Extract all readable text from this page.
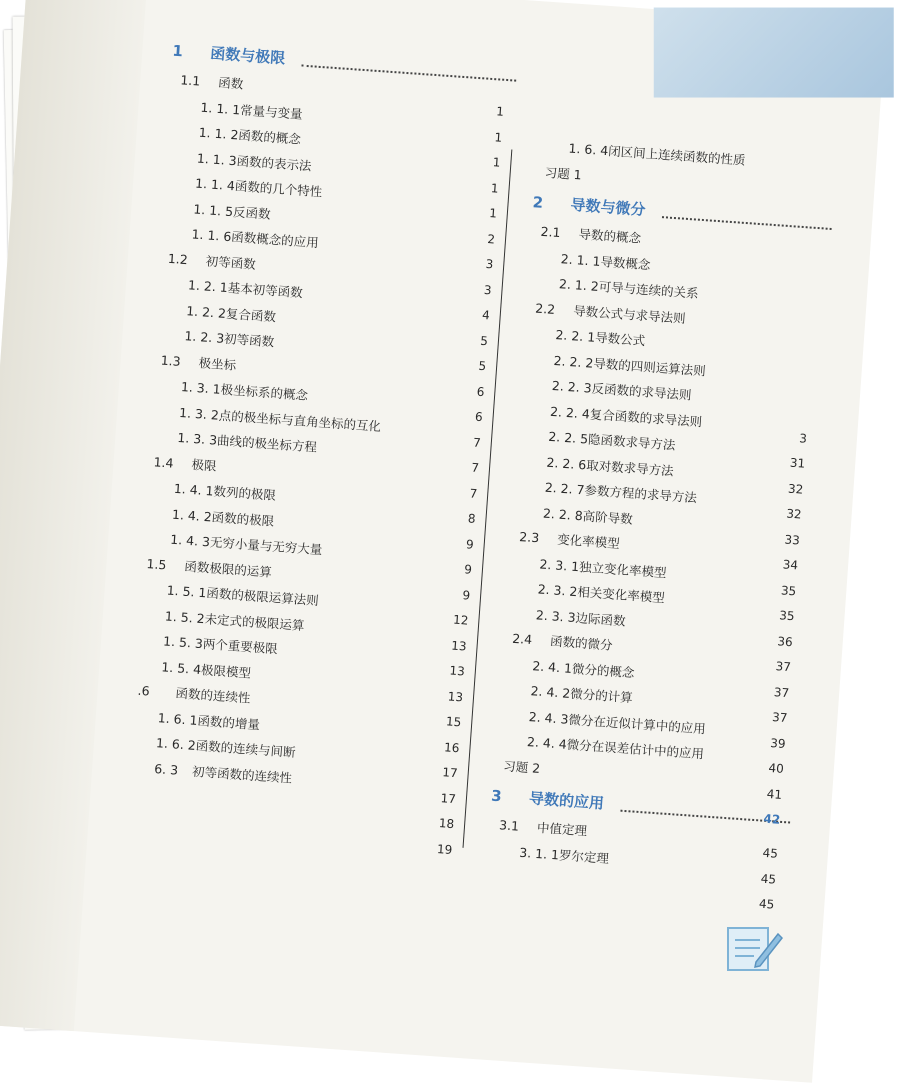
1 函数与极限
1.1 函数
1
1. 1. 1常量与变量
1
1. 1. 2函数的概念
1
1. 1. 3函数的表示法
1
1. 1. 4函数的几个特性
1
1. 1. 5反函数
2
1. 1. 6函数概念的应用
3
1.2 初等函数
3
1. 2. 1基本初等函数
4
1. 2. 2复合函数
5
1. 2. 3初等函数
5
1.3 极坐标
6
1. 3. 1极坐标系的概念
6
1. 3. 2点的极坐标与直角坐标的互化
7
1. 3. 3曲线的极坐标方程
7
1.4 极限
7
1. 4. 1数列的极限
8
1. 4. 2函数的极限
9
1. 4. 3无穷小量与无穷大量
9
1.5 函数极限的运算
9
1. 5. 1函数的极限运算法则
12
1. 5. 2未定式的极限运算
13
1. 5. 3两个重要极限
13
1. 5. 4极限模型
13
.6 函数的连续性
15
1. 6. 1函数的增量
16
1. 6. 2函数的连续与间断
17
6. 3 初等函数的连续性
17
18
19
1. 6. 4闭区间上连续函数的性质
习题 1
2 导数与微分
2.1 导数的概念
2. 1. 1导数概念
2. 1. 2可导与连续的关系
2.2 导数公式与求导法则
2. 2. 1导数公式
2. 2. 2导数的四则运算法则
2. 2. 3反函数的求导法则
2. 2. 4复合函数的求导法则
3
2. 2. 5隐函数求导方法
31
2. 2. 6取对数求导方法
32
2. 2. 7参数方程的求导方法
32
2. 2. 8高阶导数
33
2.3 变化率模型
34
2. 3. 1独立变化率模型
35
2. 3. 2相关变化率模型
35
2. 3. 3边际函数
36
2.4 函数的微分
37
2. 4. 1微分的概念
37
2. 4. 2微分的计算
37
2. 4. 3微分在近似计算中的应用
39
2. 4. 4微分在误差估计中的应用
40
习题 2
41
3 导数的应用
42
3.1 中值定理
45
3. 1. 1罗尔定理
45
45
